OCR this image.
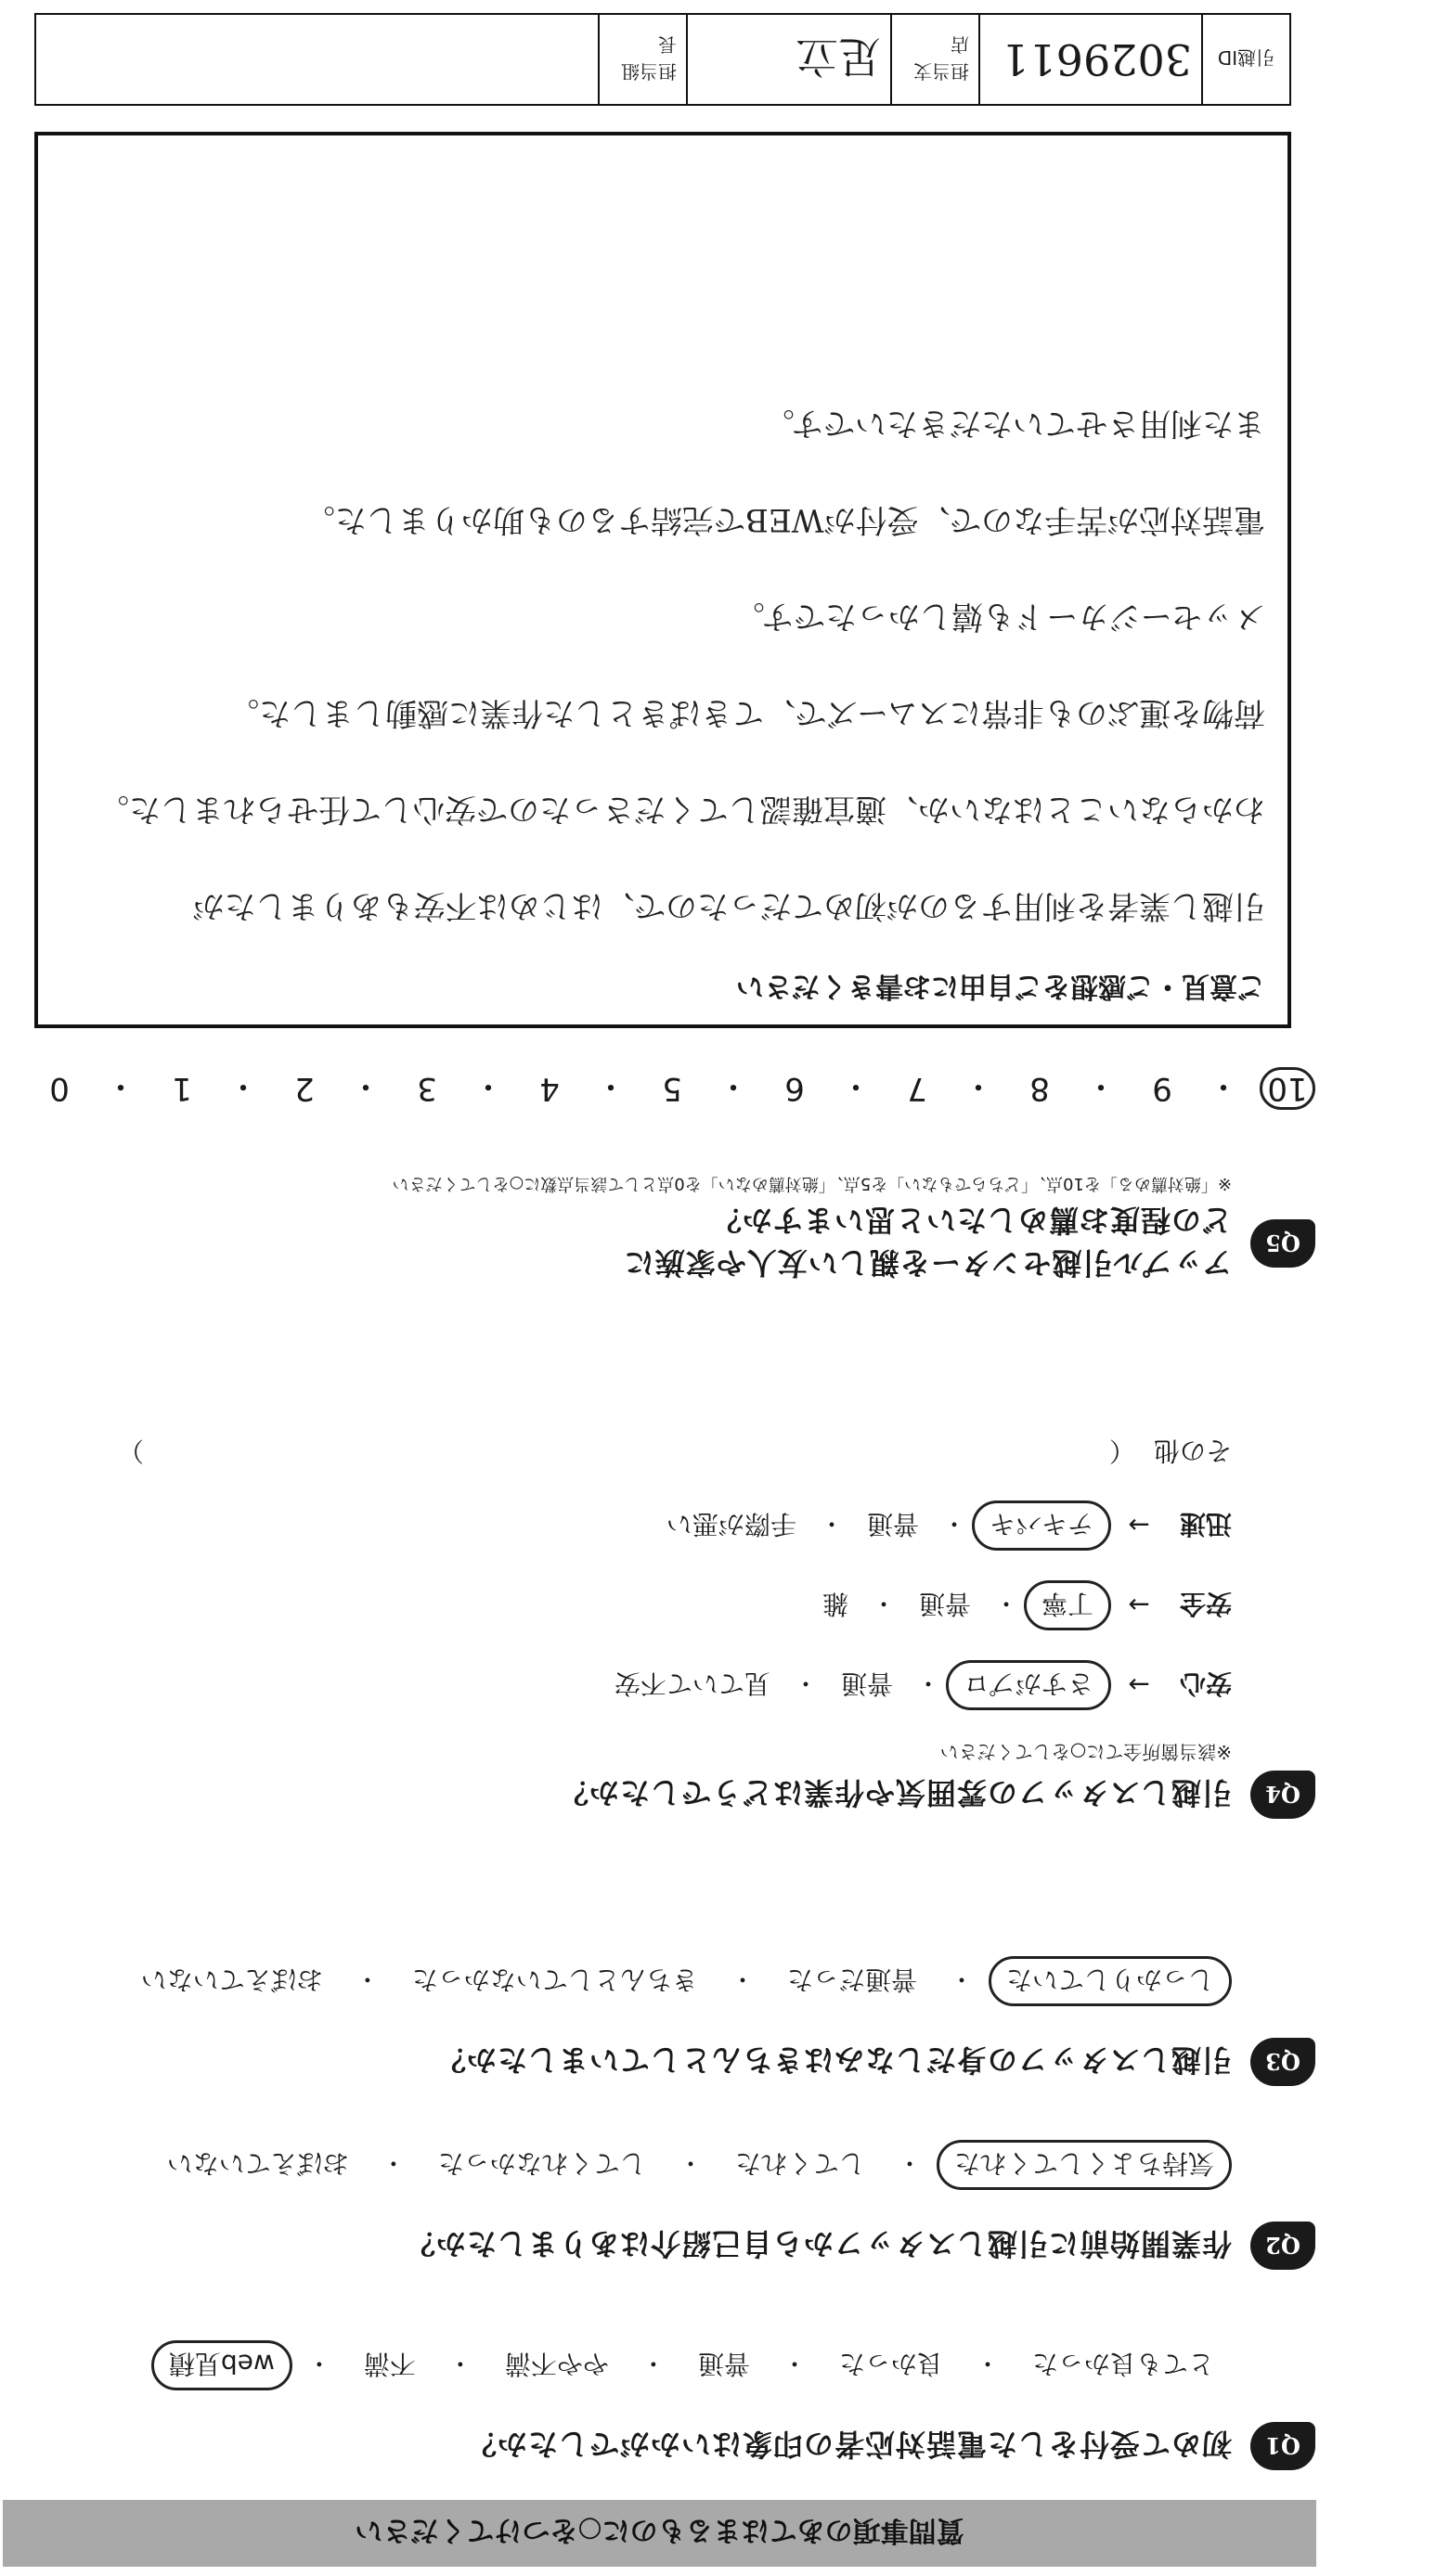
質問事項のあてはまるものに○をつけてください
Q1
初めて受付をした電話対応者の印象はいかがでしたか？
とても良かった
・
良かった
・
普通
・
やや不満
・
不満
・
web見積
Q2
作業開始前に引越しスタッフから自己紹介はありましたか？
気持ちよくしてくれた
・
してくれた
・
してくれなかった
・
おぼえていない
Q3
引越しスタッフの身だしなみはきちんとしていましたか？
しっかりしていた
・
普通だった
・
きちんとしていなかった
・
おぼえていない
Q4
引越しスタッフの雰囲気や作業はどうでしたか？
※該当箇所全てに○をしてください
安心
→
さすがプロ
・
普通
・
見ていて不安
安全
→
丁寧
・
普通
・
雑
迅速
→
テキパキ
・
普通
・
手際が悪い
その他
（
）
Q5
アップル引越センターを親しい友人や家族に
どの程度お薦めしたいと思いますか？
※「絶対薦める」を10点、「どちらでもない」を5点、「絶対薦めない」を0点として該当点数に○をしてください
10
・
9
・
8
・
7
・
6
・
5
・
4
・
3
・
2
・
1
・
0
ご意見・ご感想をご自由にお書きください
引越し業者を利用するのが初めてだったので、はじめは不安もありましたが
わからないことはないか、適宜確認してくださったので安心して任せられました。
荷物を運ぶのも非常にスムーズで、てきぱきとした作業に感動しました。
メッセージカードも嬉しかったです。
電話対応が苦手なので、受付がWEBで完結するのも助かりました。
また利用させていただきたいです。
引越ID
3029611
担当支店
足立
担当組長
